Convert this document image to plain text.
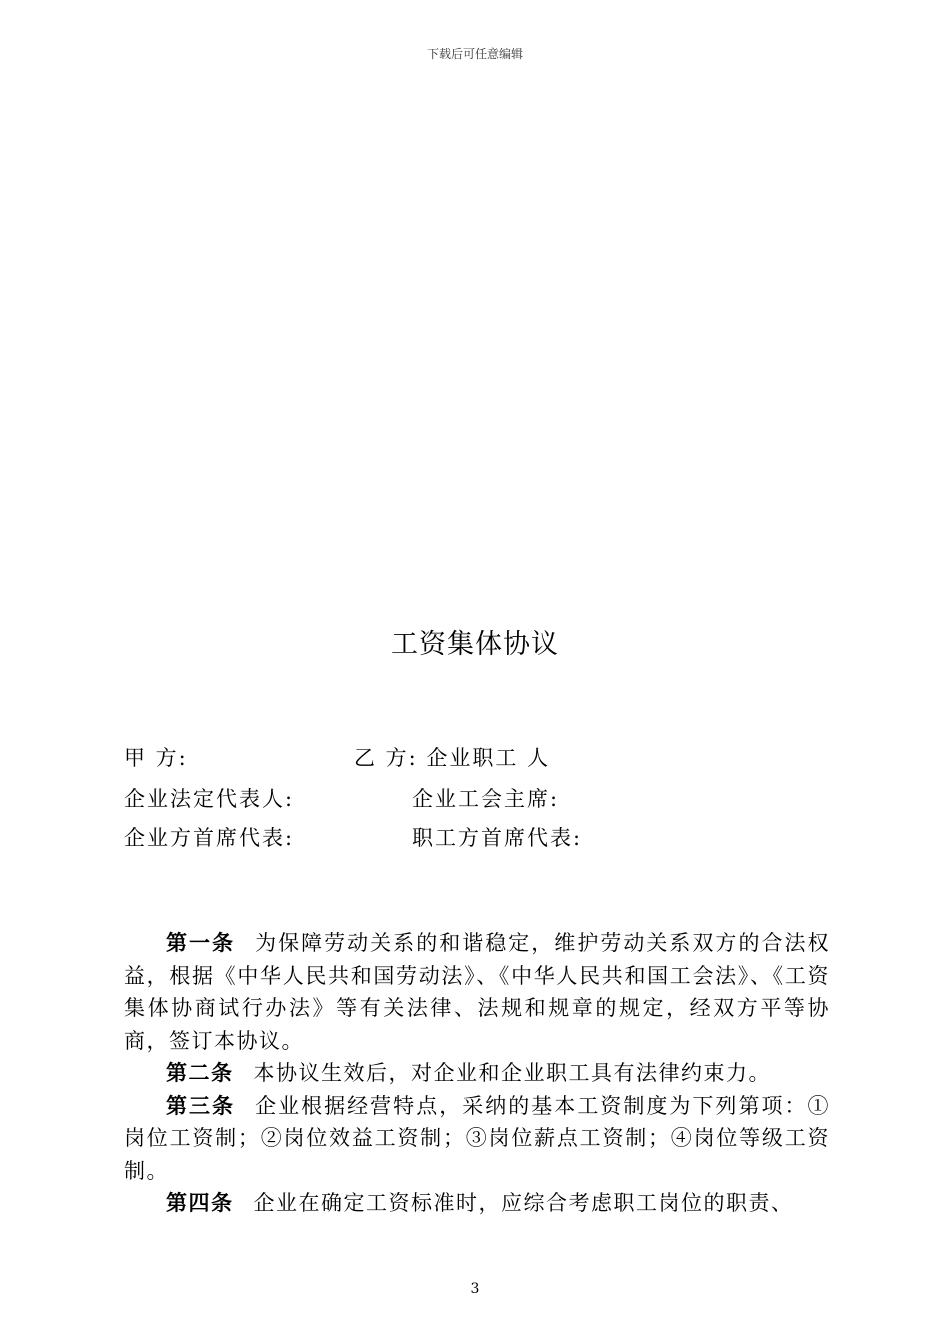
下载后可任意编辑
工资集体协议
甲 方:	乙 方: 企业职工 人
企业法定代表人:	企业工会主席:
企业方首席代表:	职工方首席代表:

第一条 为保障劳动关系的和谐稳定，维护劳动关系双方的合法权益，根据《中华人民共和国劳动法》、《中华人民共和国工会法》、《工资集体协商试行办法》等有关法律、法规和规章的规定，经双方平等协商，签订本协议。

第二条 本协议生效后，对企业和企业职工具有法律约束力。

第三条 企业根据经营特点，采纳的基本工资制度为下列第项：①岗位工资制；②岗位效益工资制；③岗位薪点工资制；④岗位等级工资制。

第四条 企业在确定工资标准时，应综合考虑职工岗位的职责、

3
